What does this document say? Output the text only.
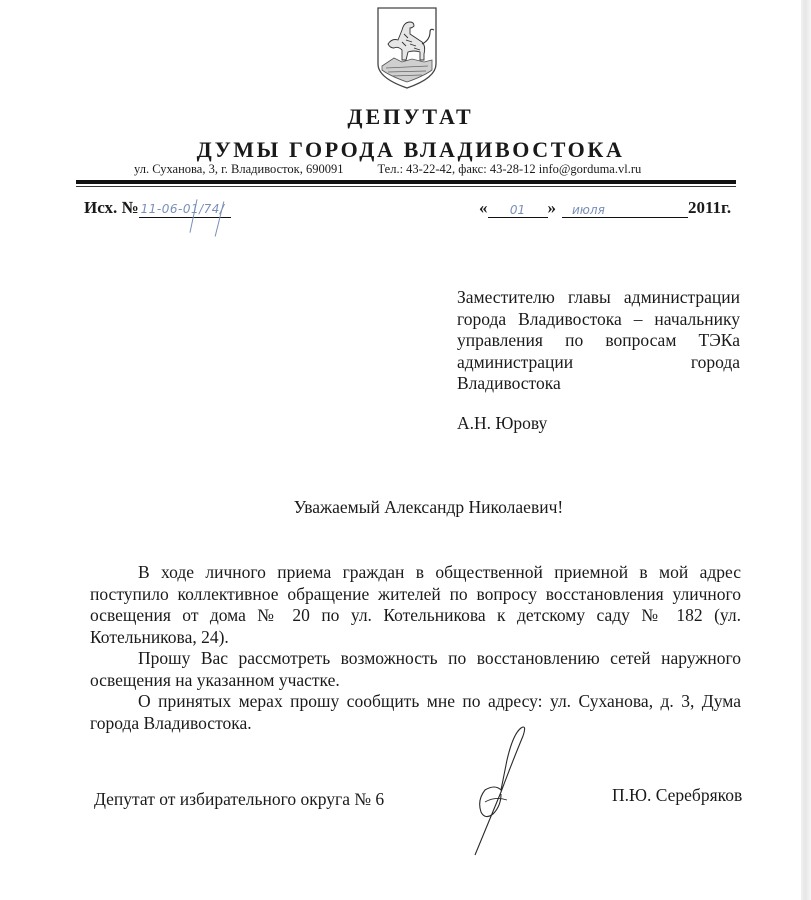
ДЕПУТАТ
ДУМЫ ГОРОДА ВЛАДИВОСТОКА
ул. Суханова, 3, г. Владивосток, 690091	Тел.: 43-22-42, факс: 43-28-12 info@gorduma.vl.ru
Исх. № 11-06-01/74/	« 01 » июля	2011г.
Заместителю главы администрации
города Владивостока – начальнику
управления по вопросам ТЭКа
администрации города
Владивостока
А.Н. Юрову
Уважаемый Александр Николаевич!

В ходе личного приема граждан в общественной приемной в мой адрес поступило коллективное обращение жителей по вопросу восстановления уличного освещения от дома № 20 по ул. Котельникова к детскому саду № 182 (ул. Котельникова, 24).

Прошу Вас рассмотреть возможность по восстановлению сетей наружного освещения на указанном участке.

О принятых мерах прошу сообщить мне по адресу: ул. Суханова, д. 3, Дума города Владивостока.

Депутат от избирательного округа № 6	П.Ю. Серебряков
